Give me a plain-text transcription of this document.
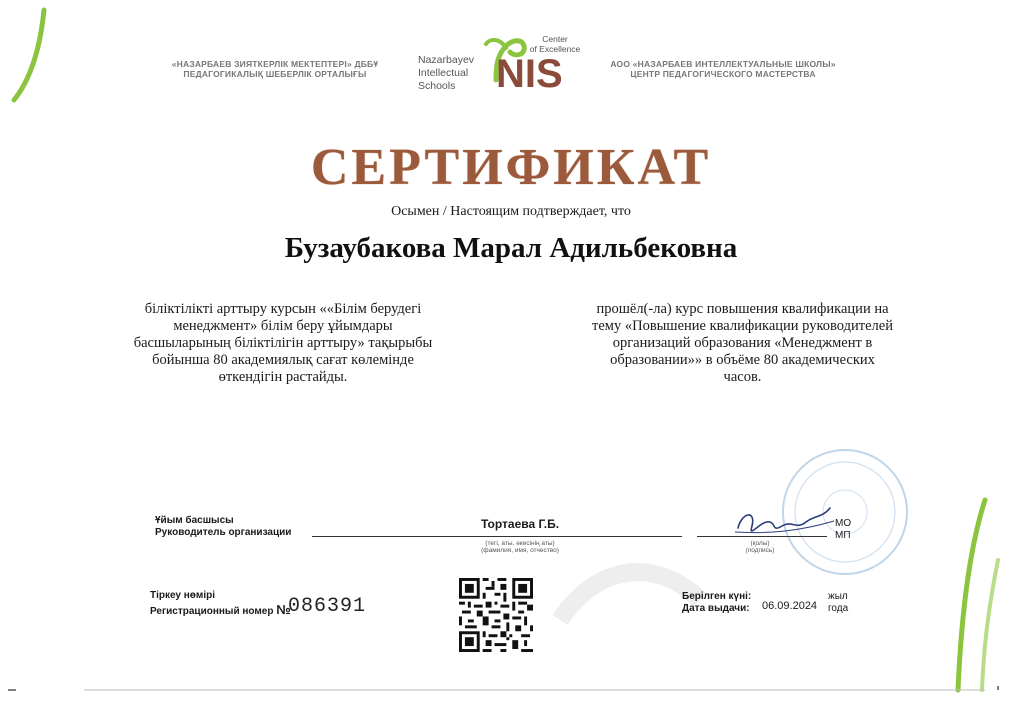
«НАЗАРБАЕВ ЗИЯТКЕРЛІК МЕКТЕПТЕРІ» ДББҰ
ПЕДАГОГИКАЛЫҚ ШЕБЕРЛІК ОРТАЛЫҒЫ
Nazarbayev
Intellectual
Schools	NIS
Center
of Excellence
АОО «НАЗАРБАЕВ ИНТЕЛЛЕКТУАЛЬНЫЕ ШКОЛЫ»
ЦЕНТР ПЕДАГОГИЧЕСКОГО МАСТЕРСТВА
СЕРТИФИКАТ
Осымен / Настоящим подтверждает, что
Бузаубакова Марал Адильбековна
біліктілікті арттыру курсын ««Білім берудегі
менеджмент» білім беру ұйымдары
басшыларының біліктілігін арттыру» тақырыбы
бойынша 80 академиялық сағат көлемінде
өткендігін растайды.
прошёл(-ла) курс повышения квалификации на
тему «Повышение квалификации руководителей
организаций образования «Менеджмент в
образовании»» в объёме 80 академических
часов.
Ұйым басшысы
Руководитель организации
Тортаева Г.Б.
(тегі, аты, әкесінің аты)
(фамилия, имя, отчество)
(қолы)
(подпись)
МО
МП
Тіркеу нөмірі
Регистрационный номер №
086391	Берілген күні:
Дата выдачи: 06.09.2024
жыл
года
